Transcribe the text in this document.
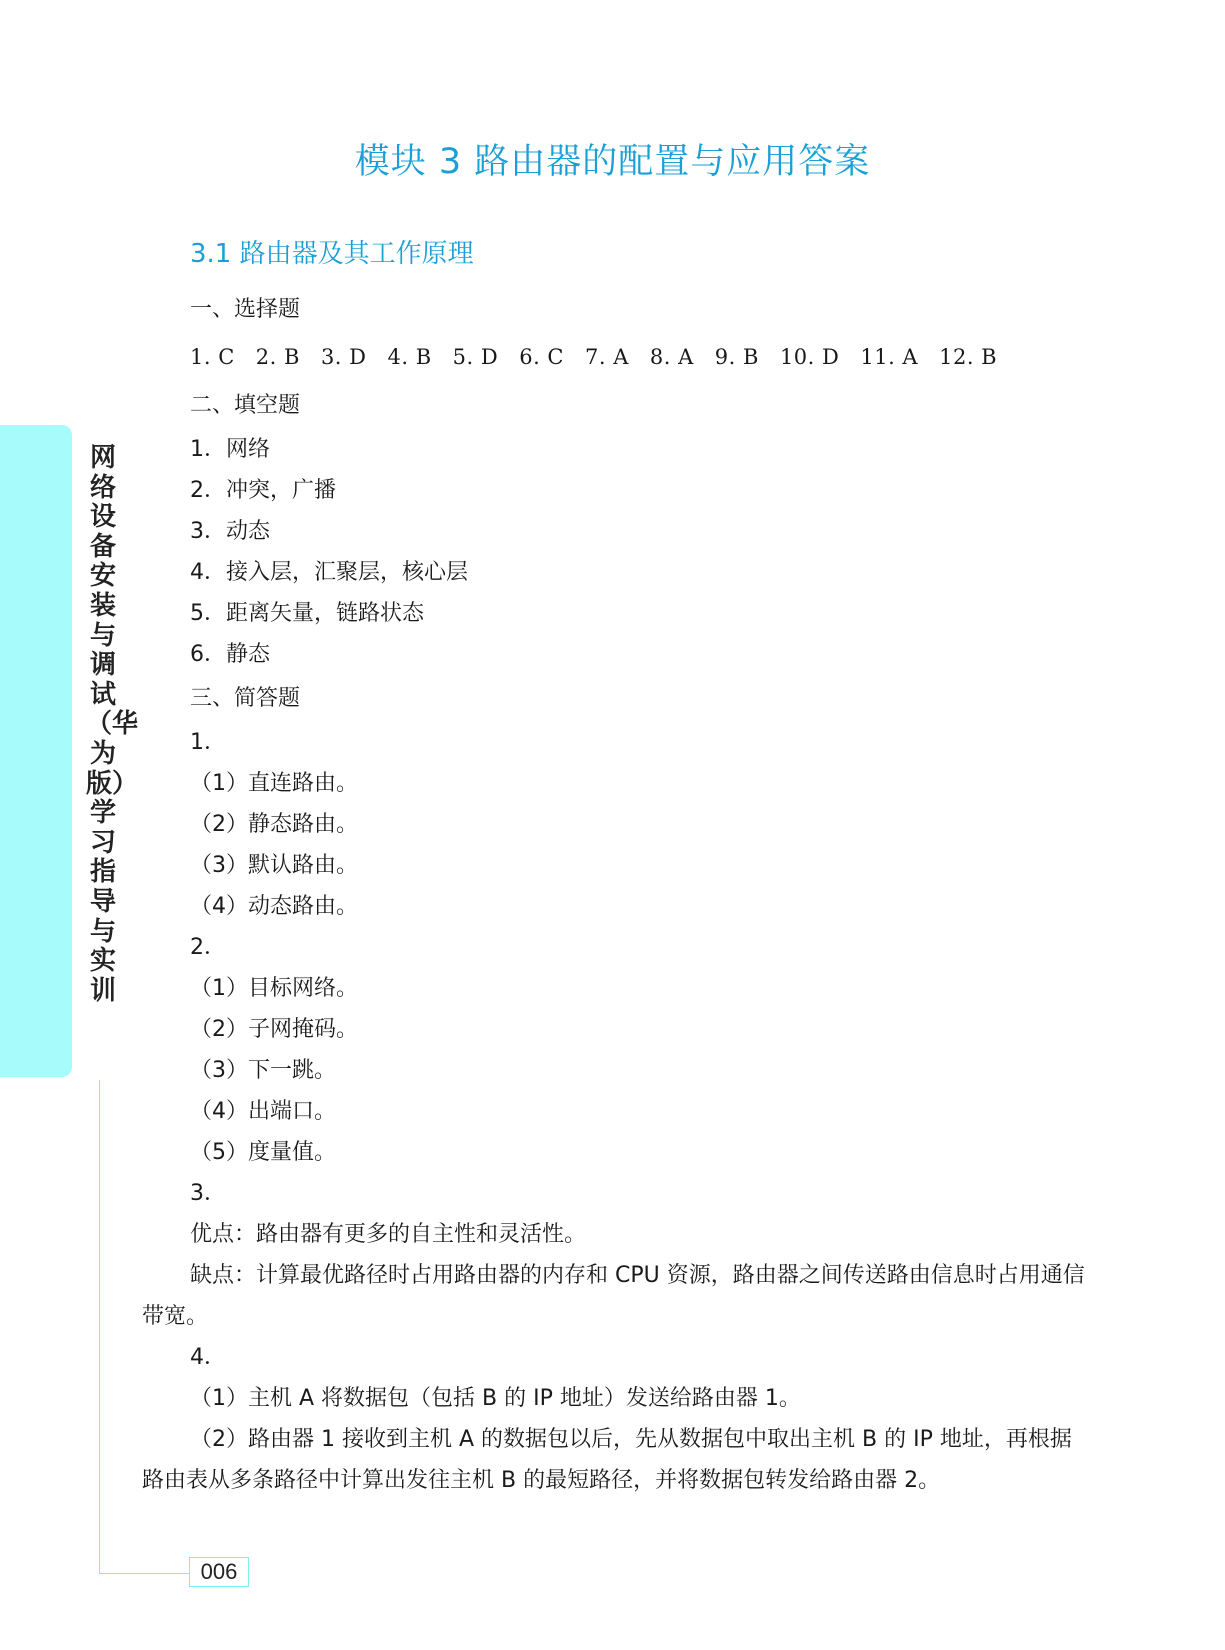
网络设备安装与调试（华为版）学习指导与实训
006
模块 3 路由器的配置与应用答案
3.1 路由器及其工作原理
一、选择题
1. C 2. B 3. D 4. B 5. D 6. C 7. A 8. A 9. B 10. D 11. A 12. B
二、填空题
1．网络
2．冲突，广播
3．动态
4．接入层，汇聚层，核心层
5．距离矢量，链路状态
6．静态
三、简答题
1．
（1）直连路由。
（2）静态路由。
（3）默认路由。
（4）动态路由。
2．
（1）目标网络。
（2）子网掩码。
（3）下一跳。
（4）出端口。
（5）度量值。
3．
优点：路由器有更多的自主性和灵活性。
缺点：计算最优路径时占用路由器的内存和 CPU 资源，路由器之间传送路由信息时占用通信带宽。
4．
（1）主机 A 将数据包（包括 B 的 IP 地址）发送给路由器 1。
（2）路由器 1 接收到主机 A 的数据包以后，先从数据包中取出主机 B 的 IP 地址，再根据路由表从多条路径中计算出发往主机 B 的最短路径，并将数据包转发给路由器 2。
